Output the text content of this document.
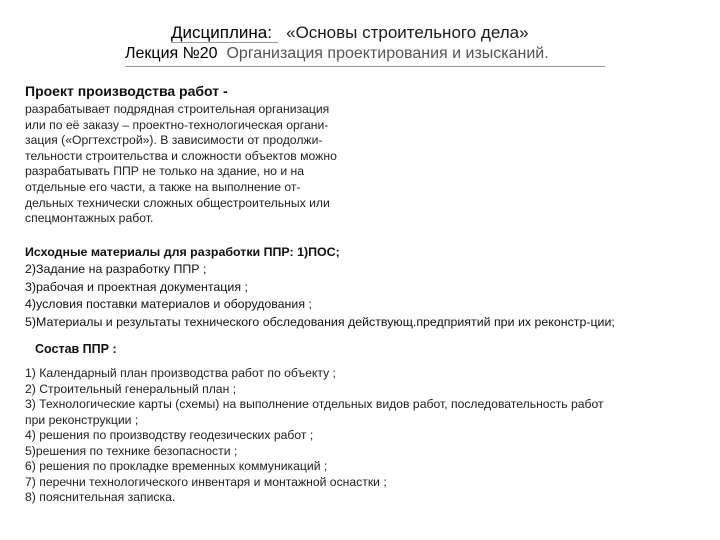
Дисциплина: «Основы строительного дела»
Лекция №20 Организация проектирования и изысканий.
Проект производства работ -
разрабатывает подрядная строительная организация
или по её заказу – проектно-технологическая органи-
зация («Оргтехстрой»). В зависимости от продолжи-
тельности строительства и сложности объектов можно
разрабатывать ППР не только на здание, но и на
отдельные его части, а также на выполнение от-
дельных технически сложных общестроительных или
спецмонтажных работ.
Исходные материалы для разработки ППР: 1)ПОС;
2)Задание на разработку ППР ;
3)рабочая и проектная документация ;
4)условия поставки материалов и оборудования ;
5)Материалы и результаты технического обследования действующ.предприятий при их реконстр-ции;
Состав ППР :
1) Календарный план производства работ по объекту ;
2) Строительный генеральный план ;
3) Технологические карты (схемы) на выполнение отдельных видов работ, последовательность работ
при реконструкции ;
4) решения по производству геодезических работ ;
5)решения по технике безопасности ;
6) решения по прокладке временных коммуникаций ;
7) перечни технологического инвентаря и монтажной оснастки ;
8) пояснительная записка.
